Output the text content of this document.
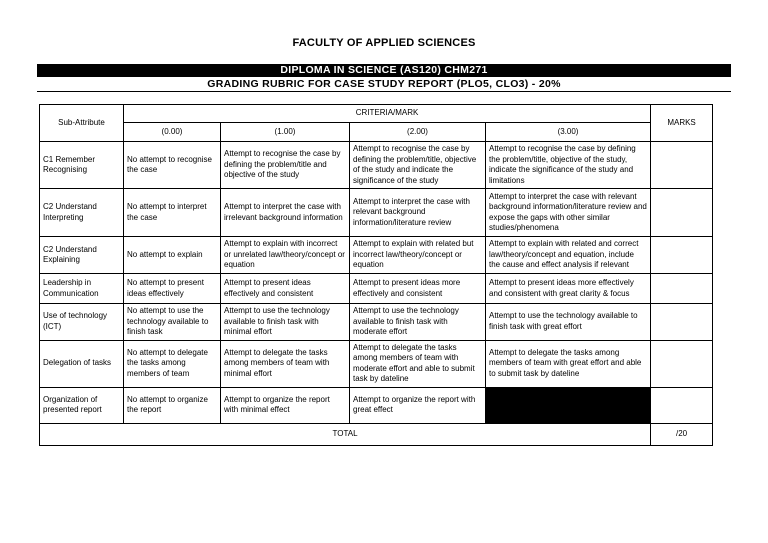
FACULTY OF APPLIED SCIENCES
DIPLOMA IN SCIENCE (AS120) CHM271
GRADING RUBRIC FOR CASE STUDY REPORT (PLO5, CLO3) - 20%
Sub-Attribute	CRITERIA/MARK				MARKS
	(0.00)	(1.00)	(2.00)	(3.00)	
C1 Remember Recognising	No attempt to recognise the case	Attempt to recognise the case by defining the problem/title and objective of the study	Attempt to recognise the case by defining the problem/title, objective of the study and indicate the significance of the study	Attempt to recognise the case by defining the problem/title, objective of the study, indicate the significance of the study and limitations	
C2 Understand Interpreting	No attempt to interpret the case	Attempt to interpret the case with irrelevant background information	Attempt to interpret the case with relevant background information/literature review	Attempt to interpret the case with relevant background information/literature review and expose the gaps with other similar studies/phenomena	
C2 Understand Explaining	No attempt to explain	Attempt to explain with incorrect or unrelated law/theory/concept or equation	Attempt to explain with related but incorrect law/theory/concept or equation	Attempt to explain with related and correct law/theory/concept and equation, include the cause and effect analysis if relevant	
Leadership in Communication	No attempt to present ideas effectively	Attempt to present ideas effectively and consistent	Attempt to present ideas more effectively and consistent	Attempt to present ideas more effectively and consistent with great clarity & focus	
Use of technology (ICT)	No attempt to use the technology available to finish task	Attempt to use the technology available to finish task with minimal effort	Attempt to use the technology available to finish task with moderate effort	Attempt to use the technology available to finish task with great effort	
Delegation of tasks	No attempt to delegate the tasks among members of team	Attempt to delegate the tasks among members of team with minimal effort	Attempt to delegate the tasks among members of team with moderate effort and able to submit task by dateline	Attempt to delegate the tasks among members of team with great effort and able to submit task by dateline	
Organization of presented report	No attempt to organize the report	Attempt to organize the report with minimal effect	Attempt to organize the report with great effect		
TOTAL					/20
